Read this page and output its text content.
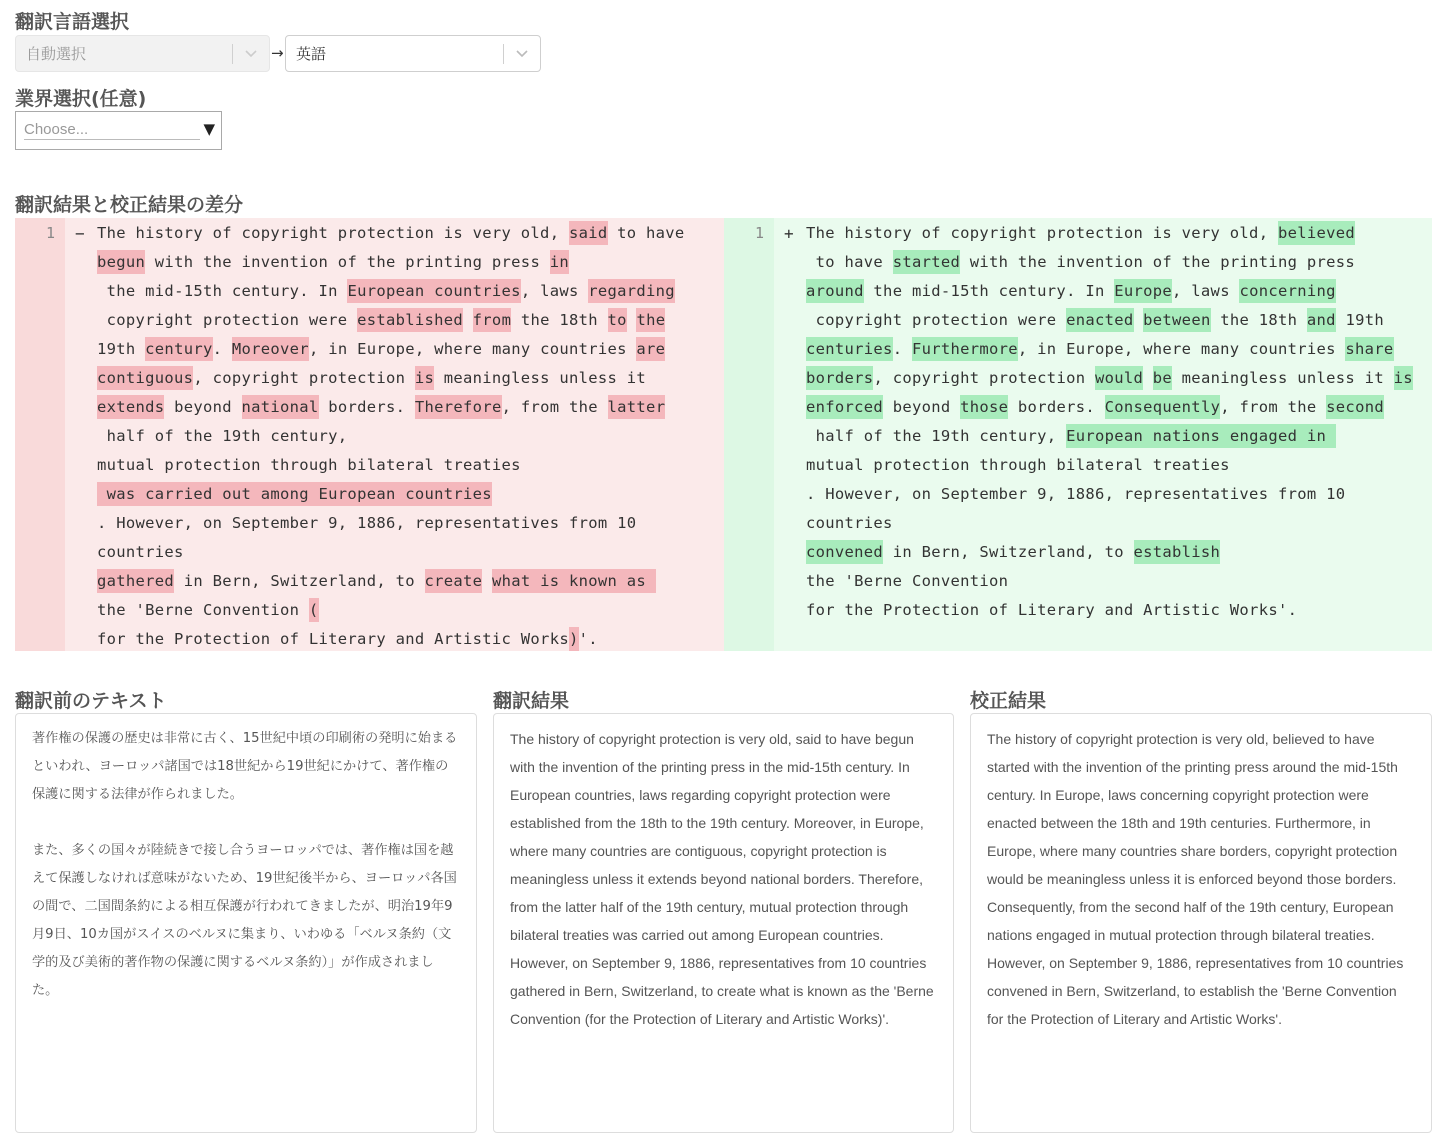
翻訳言語選択
自動選択	→ 英語
業界選択(任意)
Choose...	▼
翻訳結果と校正結果の差分
1 − The history of copyright protection is very old, said to have begun with the invention of the printing press in
the mid-15th century. In European countries, laws regarding
copyright protection were established from the 18th to the
19th century. Moreover, in Europe, where many countries are
contiguous, copyright protection is meaningless unless it
extends beyond national borders. Therefore, from the latter
half of the 19th century,
mutual protection through bilateral treaties
was carried out among European countries
. However, on September 9, 1886, representatives from 10
countries
gathered in Bern, Switzerland, to create what is known as
the 'Berne Convention (
for the Protection of Literary and Artistic Works)'.
1 + The history of copyright protection is very old, believed
to have started with the invention of the printing press
around the mid-15th century. In Europe, laws concerning
copyright protection were enacted between the 18th and 19th
centuries. Furthermore, in Europe, where many countries share
borders, copyright protection would be meaningless unless it is
enforced beyond those borders. Consequently, from the second
half of the 19th century, European nations engaged in
mutual protection through bilateral treaties
. However, on September 9, 1886, representatives from 10
countries
convened in Bern, Switzerland, to establish
the 'Berne Convention
for the Protection of Literary and Artistic Works'.
翻訳前のテキスト
著作権の保護の歴史は非常に古く、15世紀中頃の印刷術の発明に始まるといわれ、ヨーロッパ諸国では18世紀から19世紀にかけて、著作権の保護に関する法律が作られました。

また、多くの国々が陸続きで接し合うヨーロッパでは、著作権は国を越えて保護しなければ意味がないため、19世紀後半から、ヨーロッパ各国の間で、二国間条約による相互保護が行われてきましたが、明治19年9月9日、10カ国がスイスのベルヌに集まり、いわゆる「ベルヌ条約（文学的及び美術的著作物の保護に関するベルヌ条約）」が作成されました。
翻訳結果
The history of copyright protection is very old, said to have begun with the invention of the printing press in the mid-15th century. In European countries, laws regarding copyright protection were established from the 18th to the 19th century. Moreover, in Europe, where many countries are contiguous, copyright protection is meaningless unless it extends beyond national borders. Therefore, from the latter half of the 19th century, mutual protection through bilateral treaties was carried out among European countries. However, on September 9, 1886, representatives from 10 countries gathered in Bern, Switzerland, to create what is known as the 'Berne Convention (for the Protection of Literary and Artistic Works)'.
校正結果
The history of copyright protection is very old, believed to have started with the invention of the printing press around the mid-15th century. In Europe, laws concerning copyright protection were enacted between the 18th and 19th centuries. Furthermore, in Europe, where many countries share borders, copyright protection would be meaningless unless it is enforced beyond those borders. Consequently, from the second half of the 19th century, European nations engaged in mutual protection through bilateral treaties. However, on September 9, 1886, representatives from 10 countries convened in Bern, Switzerland, to establish the 'Berne Convention for the Protection of Literary and Artistic Works'.
